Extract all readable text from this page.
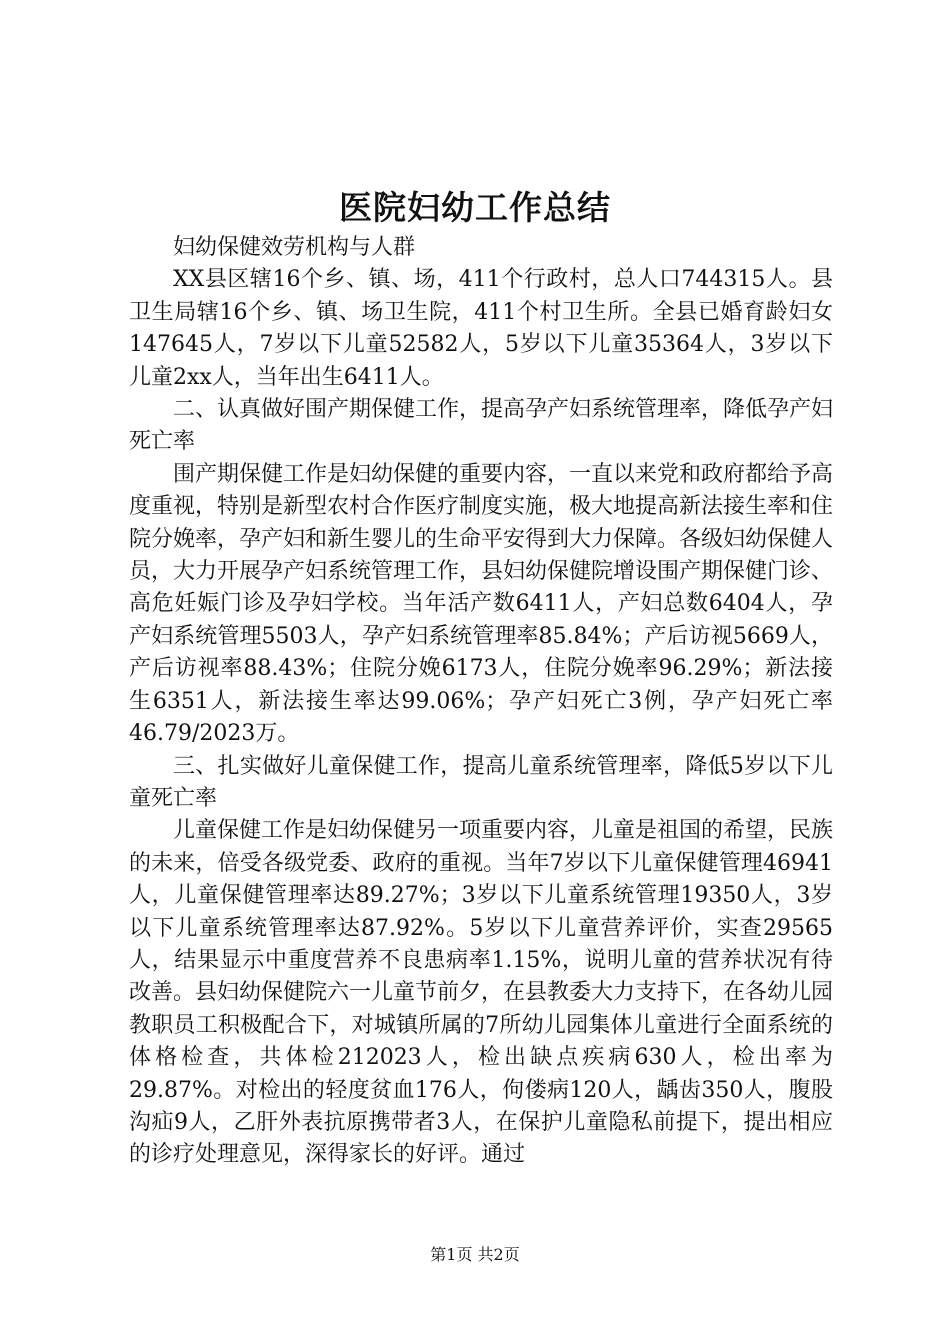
医院妇幼工作总结

妇幼保健效劳机构与人群

XX县区辖16个乡、镇、场，411个行政村，总人口744315人。县卫生局辖16个乡、镇、场卫生院，411个村卫生所。全县已婚育龄妇女147645人，7岁以下儿童52582人，5岁以下儿童35364人，3岁以下儿童2xx人，当年出生6411人。

二、认真做好围产期保健工作，提高孕产妇系统管理率，降低孕产妇死亡率

围产期保健工作是妇幼保健的重要内容，一直以来党和政府都给予高度重视，特别是新型农村合作医疗制度实施，极大地提高新法接生率和住院分娩率，孕产妇和新生婴儿的生命平安得到大力保障。各级妇幼保健人员，大力开展孕产妇系统管理工作，县妇幼保健院增设围产期保健门诊、高危妊娠门诊及孕妇学校。当年活产数6411人，产妇总数6404人，孕产妇系统管理5503人，孕产妇系统管理率85.84%；产后访视5669人，产后访视率88.43%；住院分娩6173人，住院分娩率96.29%；新法接生6351人，新法接生率达99.06%；孕产妇死亡3例，孕产妇死亡率46.79/2023万。

三、扎实做好儿童保健工作，提高儿童系统管理率，降低5岁以下儿童死亡率

儿童保健工作是妇幼保健另一项重要内容，儿童是祖国的希望，民族的未来，倍受各级党委、政府的重视。当年7岁以下儿童保健管理46941人，儿童保健管理率达89.27%；3岁以下儿童系统管理19350人，3岁以下儿童系统管理率达87.92%。5岁以下儿童营养评价，实查29565人，结果显示中重度营养不良患病率1.15%，说明儿童的营养状况有待改善。县妇幼保健院六一儿童节前夕，在县教委大力支持下，在各幼儿园教职员工积极配合下，对城镇所属的7所幼儿园集体儿童进行全面系统的体格检查，共体检212023人，检出缺点疾病630人，检出率为29.87%。对检出的轻度贫血176人，佝偻病120人，龋齿350人，腹股沟疝9人，乙肝外表抗原携带者3人，在保护儿童隐私前提下，提出相应的诊疗处理意见，深得家长的好评。通过

第1页 共2页
